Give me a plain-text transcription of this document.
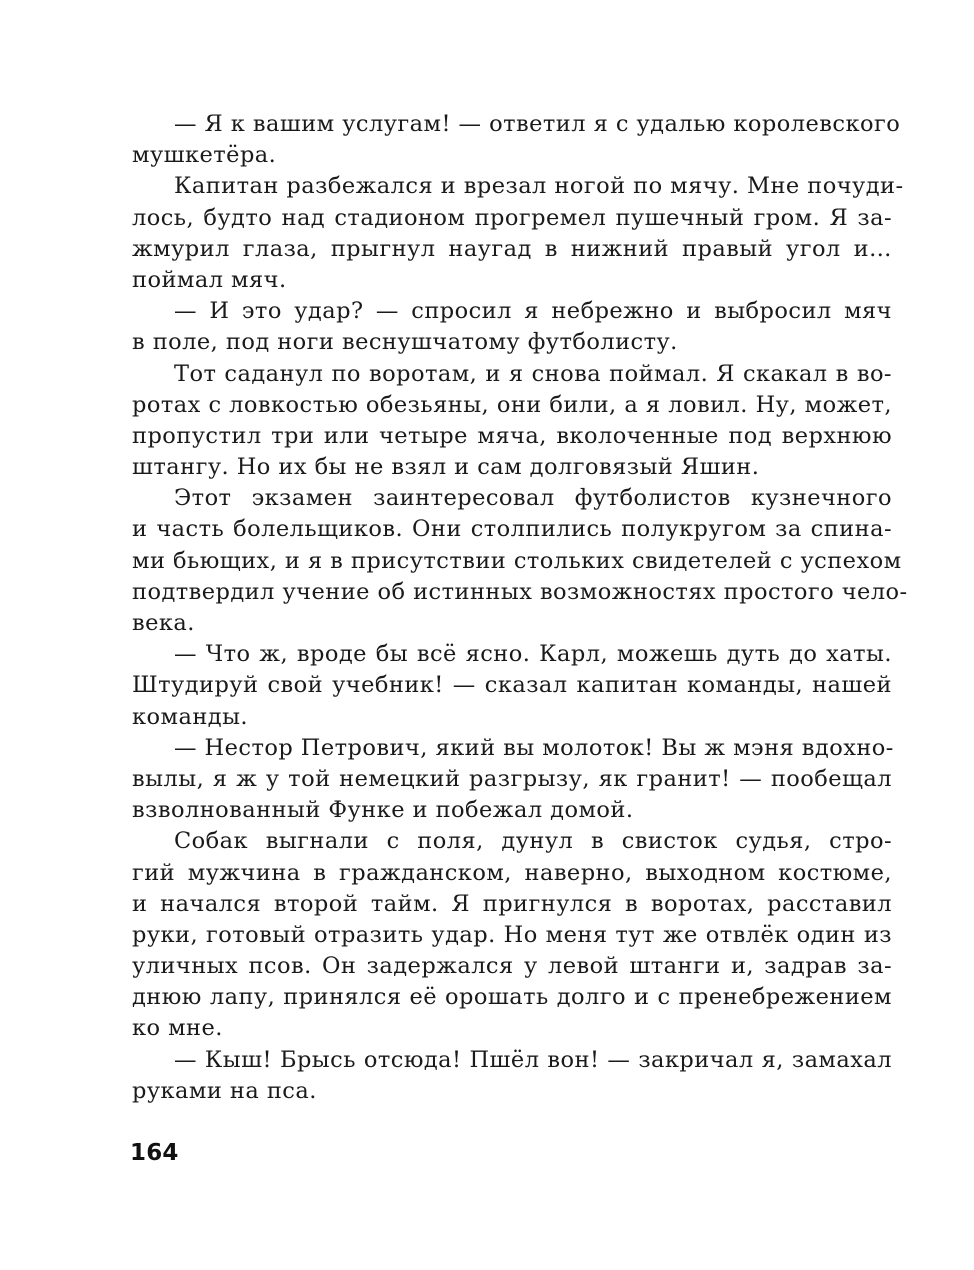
— Я к вашим услугам! — ответил я с удалью королевского
мушкетёра.
Капитан разбежался и врезал ногой по мячу. Мне почуди-
лось, будто над стадионом прогремел пушечный гром. Я за-
жмурил глаза, прыгнул наугад в нижний правый угол и…
поймал мяч.
— И это удар? — спросил я небрежно и выбросил мяч
в поле, под ноги веснушчатому футболисту.
Тот саданул по воротам, и я снова поймал. Я скакал в во-
ротах с ловкостью обезьяны, они били, а я ловил. Ну, может,
пропустил три или четыре мяча, вколоченные под верхнюю
штангу. Но их бы не взял и сам долговязый Яшин.
Этот экзамен заинтересовал футболистов кузнечного
и часть болельщиков. Они столпились полукругом за спина-
ми бьющих, и я в присутствии стольких свидетелей с успехом
подтвердил учение об истинных возможностях простого чело-
века.
— Что ж, вроде бы всё ясно. Карл, можешь дуть до хаты.
Штудируй свой учебник! — сказал капитан команды, нашей
команды.
— Нестор Петрович, який вы молоток! Вы ж мэня вдохно-
вылы, я ж у той немецкий разгрызу, як гранит! — пообещал
взволнованный Функе и побежал домой.
Собак выгнали с поля, дунул в свисток судья, стро-
гий мужчина в гражданском, наверно, выходном костюме,
и начался второй тайм. Я пригнулся в воротах, расставил
руки, готовый отразить удар. Но меня тут же отвлёк один из
уличных псов. Он задержался у левой штанги и, задрав за-
днюю лапу, принялся её орошать долго и с пренебрежением
ко мне.
— Кыш! Брысь отсюда! Пшёл вон! — закричал я, замахал
руками на пса.
164
